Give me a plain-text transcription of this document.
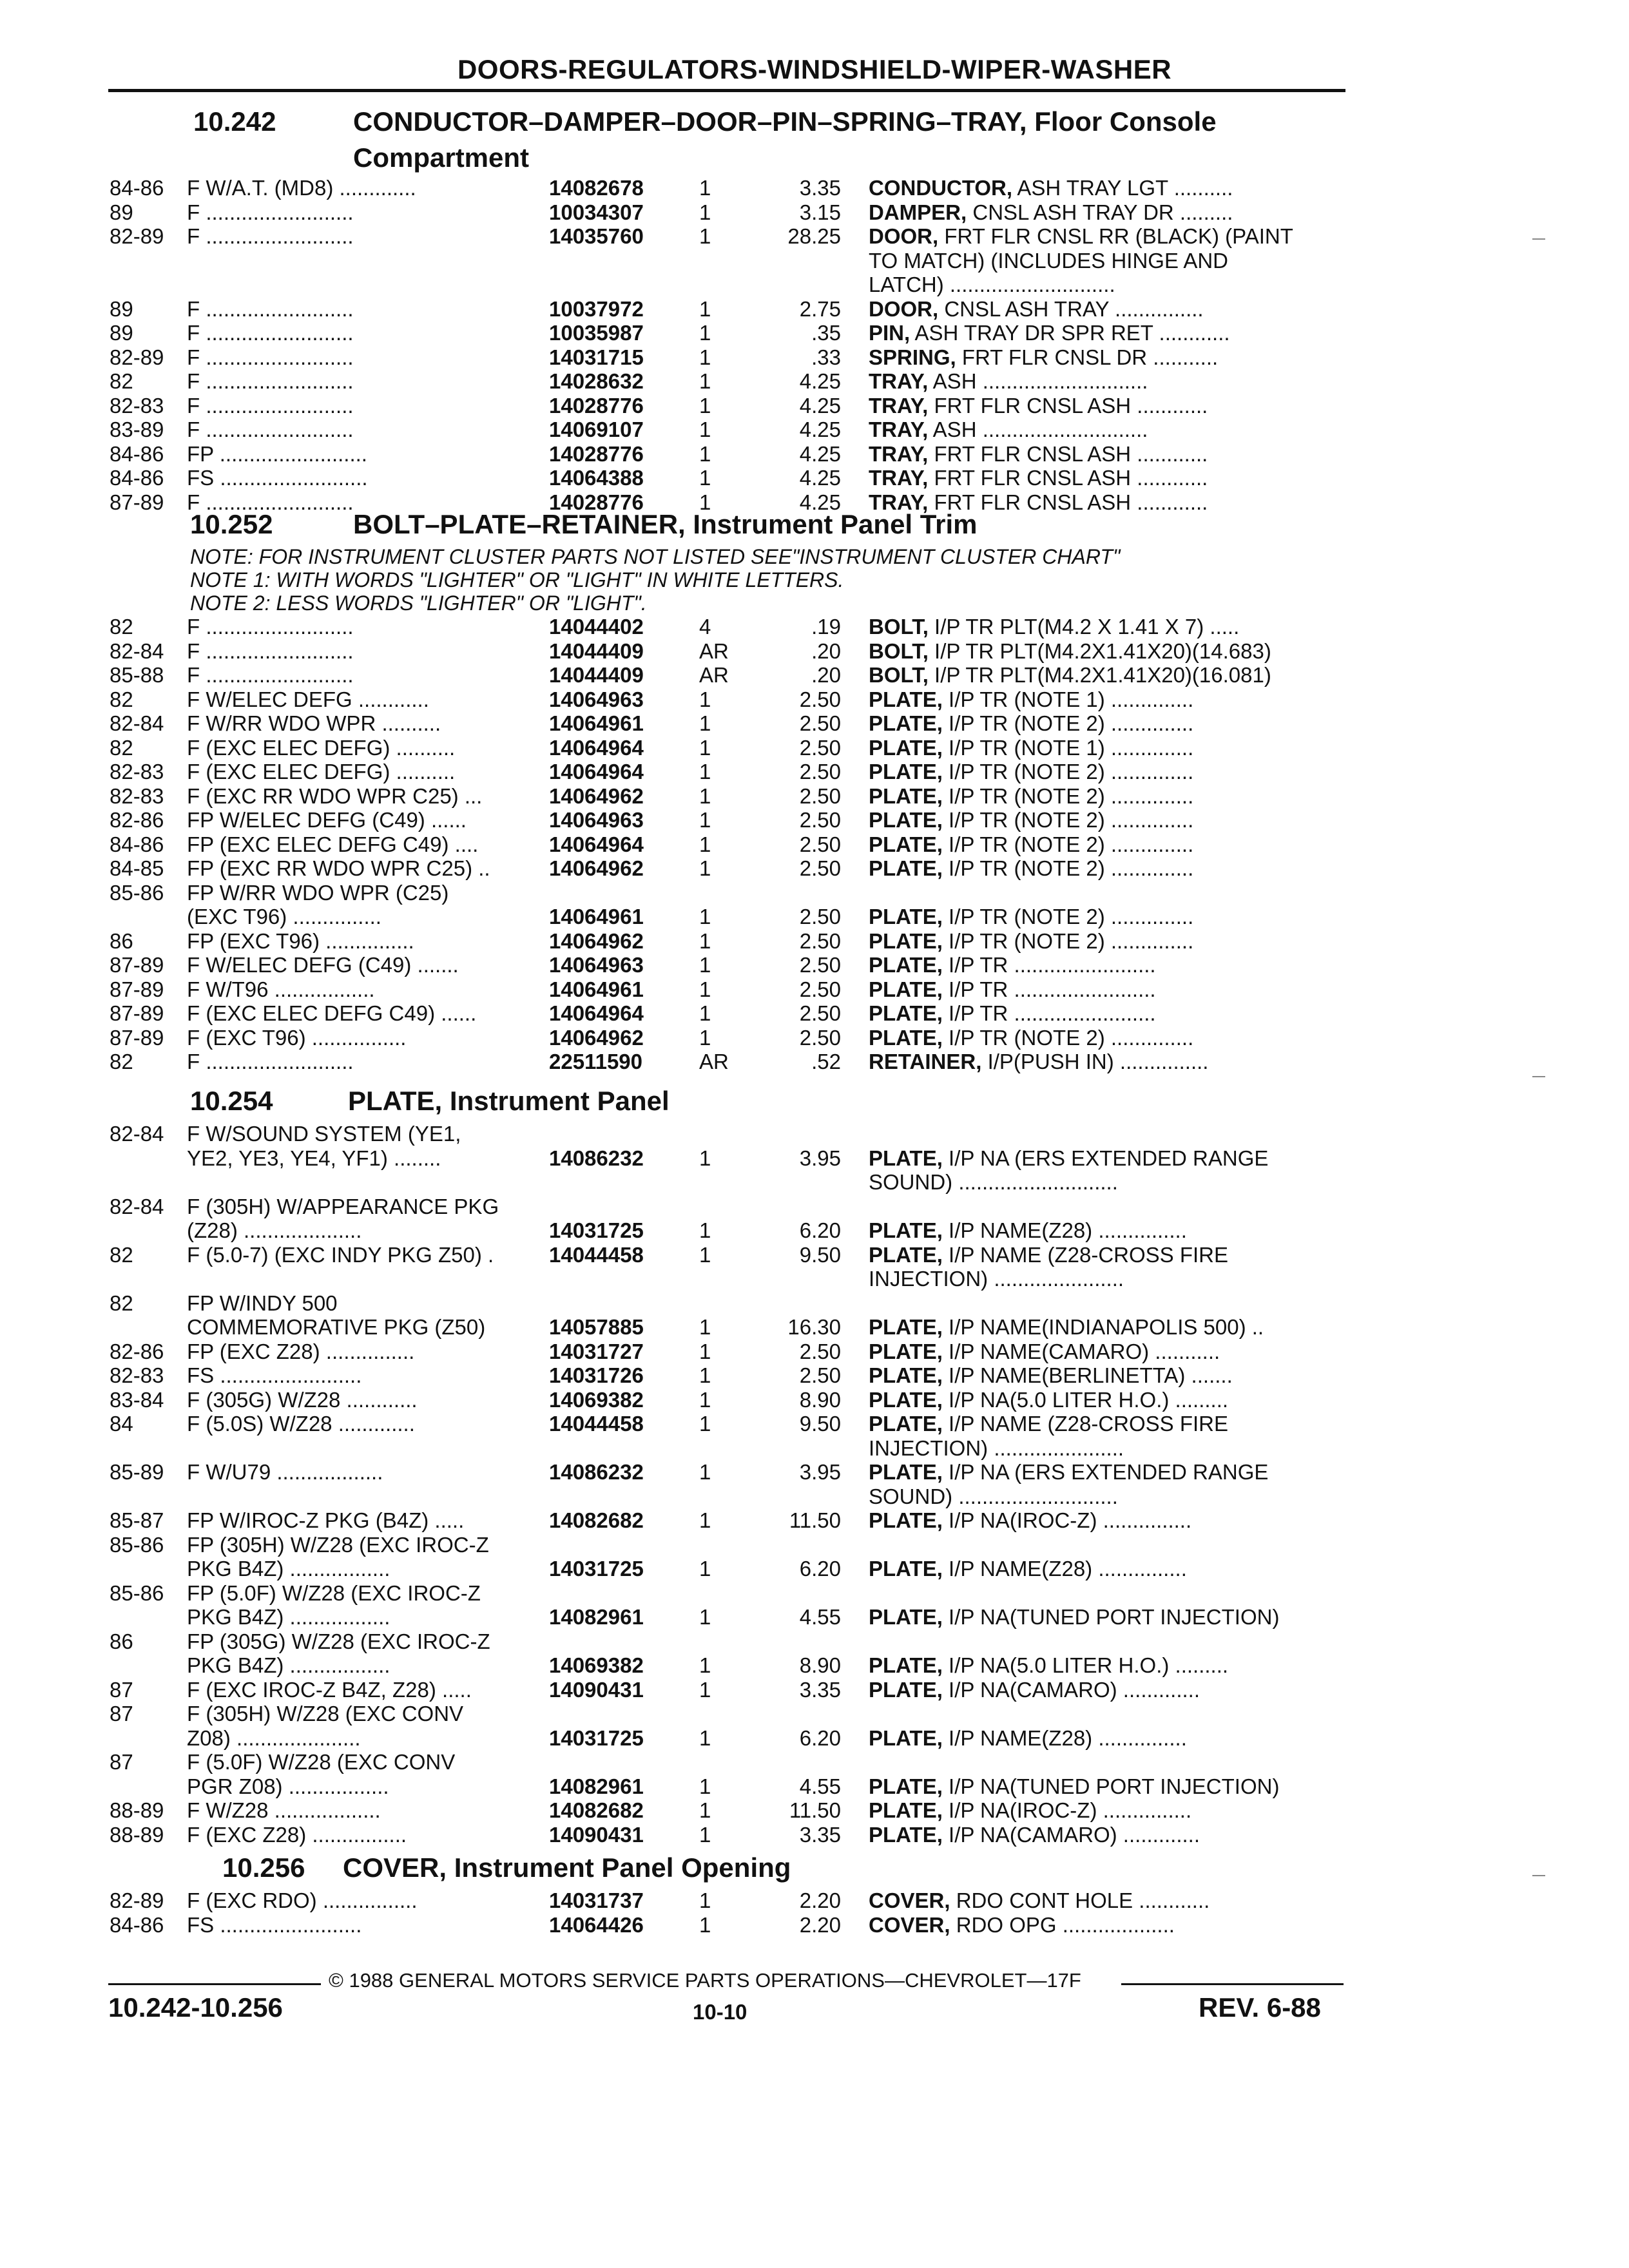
DOORS-REGULATORS-WINDSHIELD-WIPER-WASHER
10.242	CONDUCTOR–DAMPER–DOOR–PIN–SPRING–TRAY, Floor Console
Compartment
84-86	F W/A.T. (MD8) .............	14082678	1	3.35 CONDUCTOR, ASH TRAY LGT ..........
89	F .........................	10034307	1	3.15 DAMPER, CNSL ASH TRAY DR .........
82-89	F .........................	14035760	1	28.25 DOOR, FRT FLR CNSL RR (BLACK) (PAINT
TO MATCH) (INCLUDES HINGE AND
LATCH) ............................
89	F .........................	10037972	1	2.75 DOOR, CNSL ASH TRAY ...............
89	F .........................	10035987	1	.35 PIN, ASH TRAY DR SPR RET ............
82-89	F .........................	14031715	1	.33 SPRING, FRT FLR CNSL DR ...........
82	F .........................	14028632	1	4.25 TRAY, ASH ............................
82-83	F .........................	14028776	1	4.25 TRAY, FRT FLR CNSL ASH ............
83-89	F .........................	14069107	1	4.25 TRAY, ASH ............................
84-86	FP .........................	14028776	1	4.25 TRAY, FRT FLR CNSL ASH ............
84-86	FS .........................	14064388	1	4.25 TRAY, FRT FLR CNSL ASH ............
87-89	F .........................	14028776	1	4.25 TRAY, FRT FLR CNSL ASH ............
10.252	BOLT–PLATE–RETAINER, Instrument Panel Trim
NOTE: FOR INSTRUMENT CLUSTER PARTS NOT LISTED SEE"INSTRUMENT CLUSTER CHART"
NOTE 1: WITH WORDS "LIGHTER" OR "LIGHT" IN WHITE LETTERS.
NOTE 2: LESS WORDS "LIGHTER" OR "LIGHT".
82	F .........................	14044402	4	.19 BOLT, I/P TR PLT(M4.2 X 1.41 X 7) .....
82-84	F .........................	14044409	AR	.20 BOLT, I/P TR PLT(M4.2X1.41X20)(14.683)
85-88	F .........................	14044409	AR	.20 BOLT, I/P TR PLT(M4.2X1.41X20)(16.081)
82	F W/ELEC DEFG ............	14064963	1	2.50 PLATE, I/P TR (NOTE 1) ..............
82-84	F W/RR WDO WPR ..........	14064961	1	2.50 PLATE, I/P TR (NOTE 2) ..............
82	F (EXC ELEC DEFG) ..........	14064964	1	2.50 PLATE, I/P TR (NOTE 1) ..............
82-83	F (EXC ELEC DEFG) ..........	14064964	1	2.50 PLATE, I/P TR (NOTE 2) ..............
82-83	F (EXC RR WDO WPR C25) ...	14064962	1	2.50 PLATE, I/P TR (NOTE 2) ..............
82-86	FP W/ELEC DEFG (C49) ......	14064963	1	2.50 PLATE, I/P TR (NOTE 2) ..............
84-86	FP (EXC ELEC DEFG C49) ....	14064964	1	2.50 PLATE, I/P TR (NOTE 2) ..............
84-85	FP (EXC RR WDO WPR C25) ..	14064962	1	2.50 PLATE, I/P TR (NOTE 2) ..............
85-86	FP W/RR WDO WPR (C25)
(EXC T96) ...............	14064961	1	2.50 PLATE, I/P TR (NOTE 2) ..............
86	FP (EXC T96) ...............	14064962	1	2.50 PLATE, I/P TR (NOTE 2) ..............
87-89	F W/ELEC DEFG (C49) .......	14064963	1	2.50 PLATE, I/P TR ........................
87-89	F W/T96 .................	14064961	1	2.50 PLATE, I/P TR ........................
87-89	F (EXC ELEC DEFG C49) ......	14064964	1	2.50 PLATE, I/P TR ........................
87-89	F (EXC T96) ................	14064962	1	2.50 PLATE, I/P TR (NOTE 2) ..............
82	F .........................	22511590	AR	.52 RETAINER, I/P(PUSH IN) ...............
10.254	PLATE, Instrument Panel
82-84	F W/SOUND SYSTEM (YE1,
YE2, YE3, YE4, YF1) ........	14086232	1	3.95 PLATE, I/P NA (ERS EXTENDED RANGE
SOUND) ...........................
82-84	F (305H) W/APPEARANCE PKG
(Z28) ....................	14031725	1	6.20 PLATE, I/P NAME(Z28) ...............
82	F (5.0-7) (EXC INDY PKG Z50) .	14044458	1	9.50 PLATE, I/P NAME (Z28-CROSS FIRE
INJECTION) ......................
82	FP W/INDY 500
COMMEMORATIVE PKG (Z50)	14057885	1	16.30 PLATE, I/P NAME(INDIANAPOLIS 500) ..
82-86	FP (EXC Z28) ...............	14031727	1	2.50 PLATE, I/P NAME(CAMARO) ...........
82-83	FS ........................	14031726	1	2.50 PLATE, I/P NAME(BERLINETTA) .......
83-84	F (305G) W/Z28 ............	14069382	1	8.90 PLATE, I/P NA(5.0 LITER H.O.) .........
84	F (5.0S) W/Z28 .............	14044458	1	9.50 PLATE, I/P NAME (Z28-CROSS FIRE
INJECTION) ......................
85-89	F W/U79 ..................	14086232	1	3.95 PLATE, I/P NA (ERS EXTENDED RANGE
SOUND) ...........................
85-87	FP W/IROC-Z PKG (B4Z) .....	14082682	1	11.50 PLATE, I/P NA(IROC-Z) ...............
85-86	FP (305H) W/Z28 (EXC IROC-Z
PKG B4Z) .................	14031725	1	6.20 PLATE, I/P NAME(Z28) ...............
85-86	FP (5.0F) W/Z28 (EXC IROC-Z
PKG B4Z) .................	14082961	1	4.55 PLATE, I/P NA(TUNED PORT INJECTION)
86	FP (305G) W/Z28 (EXC IROC-Z
PKG B4Z) .................	14069382	1	8.90 PLATE, I/P NA(5.0 LITER H.O.) .........
87	F (EXC IROC-Z B4Z, Z28) .....	14090431	1	3.35 PLATE, I/P NA(CAMARO) .............
87	F (305H) W/Z28 (EXC CONV
Z08) .....................	14031725	1	6.20 PLATE, I/P NAME(Z28) ...............
87	F (5.0F) W/Z28 (EXC CONV
PGR Z08) .................	14082961	1	4.55 PLATE, I/P NA(TUNED PORT INJECTION)
88-89	F W/Z28 ..................	14082682	1	11.50 PLATE, I/P NA(IROC-Z) ...............
88-89	F (EXC Z28) ................	14090431	1	3.35 PLATE, I/P NA(CAMARO) .............
10.256 COVER, Instrument Panel Opening
82-89	F (EXC RDO) ................	14031737	1	2.20 COVER, RDO CONT HOLE ............
84-86	FS ........................	14064426	1	2.20 COVER, RDO OPG ...................
© 1988 GENERAL MOTORS SERVICE PARTS OPERATIONS—CHEVROLET—17F
10.242-10.256	10-10	REV. 6-88
